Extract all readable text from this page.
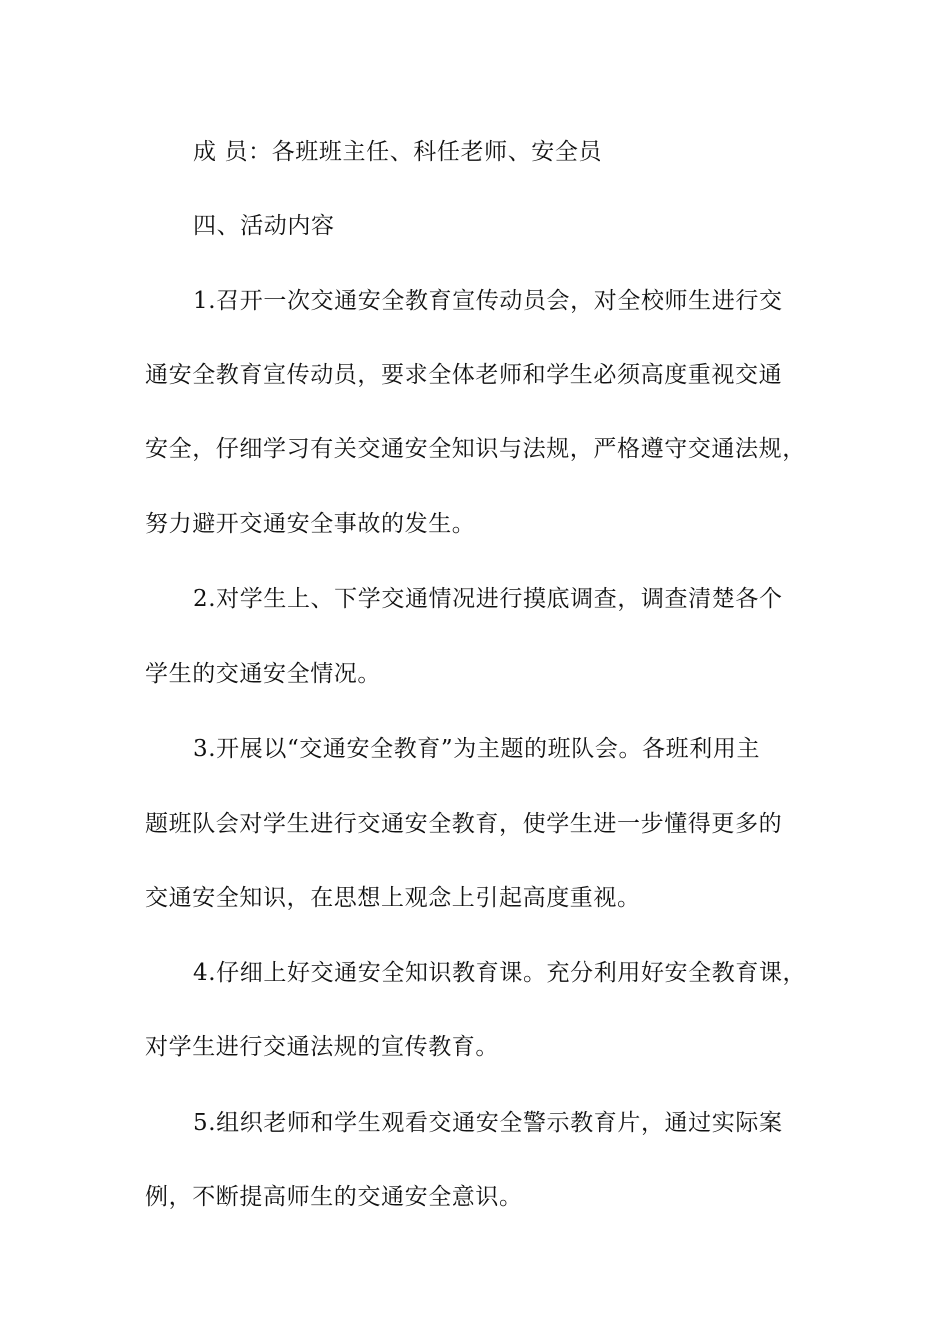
成 员：各班班主任、科任老师、安全员
四、活动内容
1.召开一次交通安全教育宣传动员会，对全校师生进行交
通安全教育宣传动员，要求全体老师和学生必须高度重视交通
安全，仔细学习有关交通安全知识与法规，严格遵守交通法规，
努力避开交通安全事故的发生。
2.对学生上、下学交通情况进行摸底调查，调查清楚各个
学生的交通安全情况。
3.开展以“交通安全教育”为主题的班队会。各班利用主
题班队会对学生进行交通安全教育，使学生进一步懂得更多的
交通安全知识，在思想上观念上引起高度重视。
4.仔细上好交通安全知识教育课。充分利用好安全教育课，
对学生进行交通法规的宣传教育。
5.组织老师和学生观看交通安全警示教育片，通过实际案
例，不断提高师生的交通安全意识。
